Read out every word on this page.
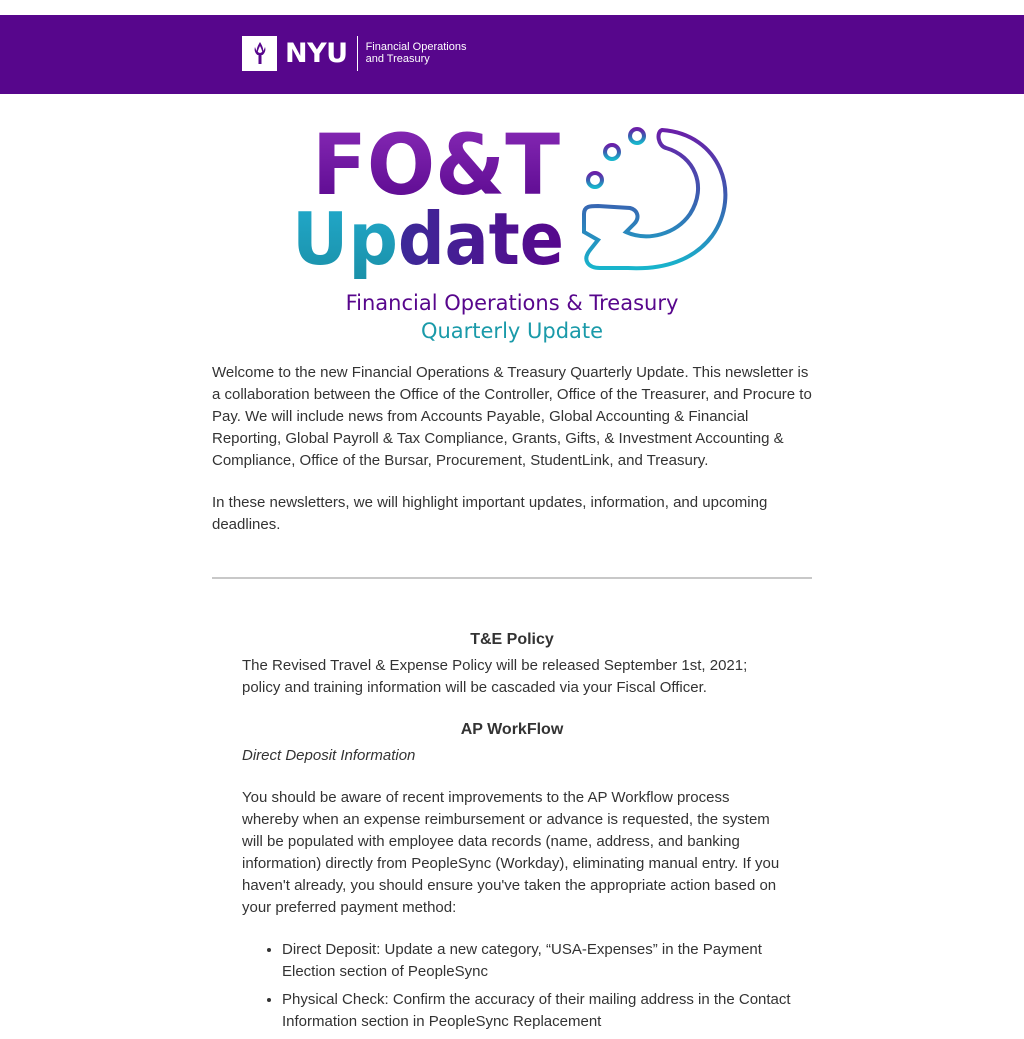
NYU Financial Operations
and Treasury
FO&T
Up date
Financial Operations & Treasury
Quarterly Update

Welcome to the new Financial Operations & Treasury Quarterly Update. This newsletter is a collaboration between the Office of the Controller, Office of the Treasurer, and Procure to Pay. We will include news from Accounts Payable, Global Accounting & Financial Reporting, Global Payroll & Tax Compliance, Grants, Gifts, & Investment Accounting & Compliance, Office of the Bursar, Procurement, StudentLink, and Treasury.

In these newsletters, we will highlight important updates, information, and upcoming deadlines.

T&E Policy

The Revised Travel & Expense Policy will be released September 1st, 2021; policy and training information will be cascaded via your Fiscal Officer.

AP WorkFlow

Direct Deposit Information

You should be aware of recent improvements to the AP Workflow process whereby when an expense reimbursement or advance is requested, the system will be populated with employee data records (name, address, and banking information) directly from PeopleSync (Workday), eliminating manual entry. If you haven't already, you should ensure you've taken the appropriate action based on your preferred payment method:

• Direct Deposit: Update a new category, “USA-Expenses” in the Payment Election section of PeopleSync
• Physical Check: Confirm the accuracy of their mailing address in the Contact Information section in PeopleSync Replacement
